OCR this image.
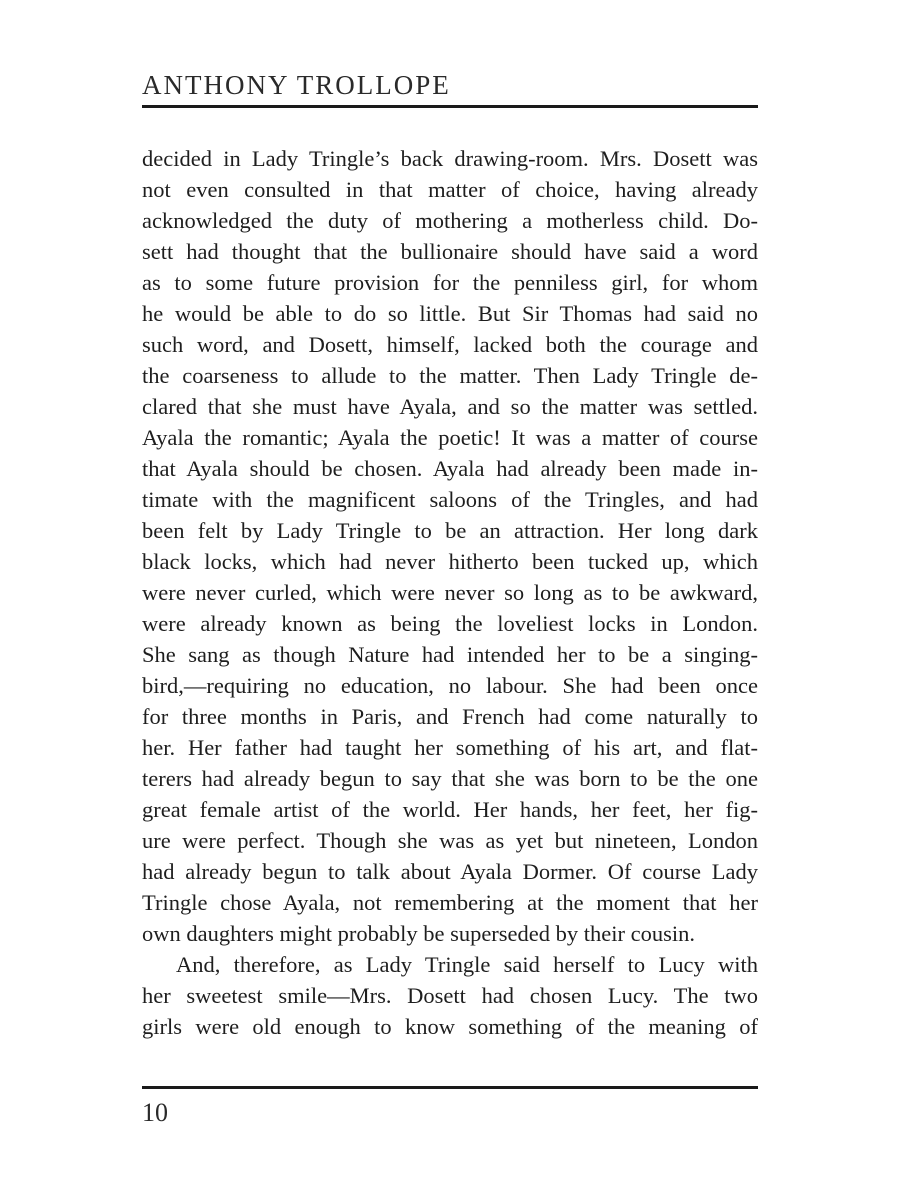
ANTHONY TROLLOPE
decided in Lady Tringle’s back drawing-room. Mrs. Dosett was
not even consulted in that matter of choice, having already
acknowledged the duty of mothering a motherless child. Do-
sett had thought that the bullionaire should have said a word
as to some future provision for the penniless girl, for whom
he would be able to do so little. But Sir Thomas had said no
such word, and Dosett, himself, lacked both the courage and
the coarseness to allude to the matter. Then Lady Tringle de-
clared that she must have Ayala, and so the matter was settled.
Ayala the romantic; Ayala the poetic! It was a matter of course
that Ayala should be chosen. Ayala had already been made in-
timate with the magnificent saloons of the Tringles, and had
been felt by Lady Tringle to be an attraction. Her long dark
black locks, which had never hitherto been tucked up, which
were never curled, which were never so long as to be awkward,
were already known as being the loveliest locks in London.
She sang as though Nature had intended her to be a singing-
bird,—requiring no education, no labour. She had been once
for three months in Paris, and French had come naturally to
her. Her father had taught her something of his art, and flat-
terers had already begun to say that she was born to be the one
great female artist of the world. Her hands, her feet, her fig-
ure were perfect. Though she was as yet but nineteen, London
had already begun to talk about Ayala Dormer. Of course Lady
Tringle chose Ayala, not remembering at the moment that her
own daughters might probably be superseded by their cousin.
And, therefore, as Lady Tringle said herself to Lucy with
her sweetest smile—Mrs. Dosett had chosen Lucy. The two
girls were old enough to know something of the meaning of
10
